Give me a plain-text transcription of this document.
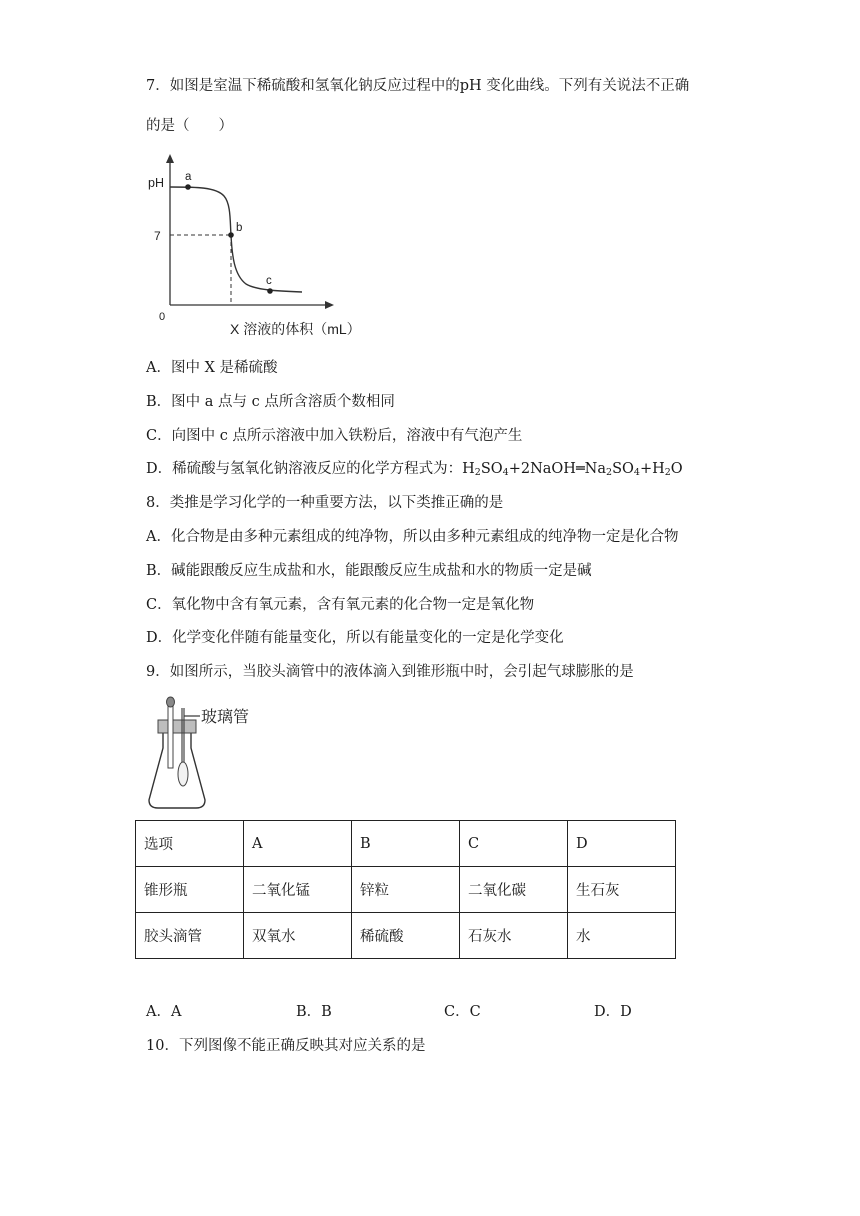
7．如图是室温下稀硫酸和氢氧化钠反应过程中的pH 变化曲线。下列有关说法不正确
的是（　　）
pH
7
0
a
b
c
X 溶液的体积（mL）
A．图中 X 是稀硫酸
B．图中 a 点与 c 点所含溶质个数相同
C．向图中 c 点所示溶液中加入铁粉后，溶液中有气泡产生
D．稀硫酸与氢氧化钠溶液反应的化学方程式为：$H_2SO_4+2NaOH═Na_2SO_4+H_2O$
8．类推是学习化学的一种重要方法，以下类推正确的是
A．化合物是由多种元素组成的纯净物，所以由多种元素组成的纯净物一定是化合物
B．碱能跟酸反应生成盐和水，能跟酸反应生成盐和水的物质一定是碱
C．氧化物中含有氧元素，含有氧元素的化合物一定是氧化物
D．化学变化伴随有能量变化，所以有能量变化的一定是化学变化
9．如图所示，当胶头滴管中的液体滴入到锥形瓶中时，会引起气球膨胀的是
玻璃管
选项	A	B	C	D
锥形瓶	二氧化锰	锌粒	二氧化碳	生石灰
胶头滴管	双氧水	稀硫酸	石灰水	水
A．A	B．B	C．C	D．D
10．下列图像不能正确反映其对应关系的是
